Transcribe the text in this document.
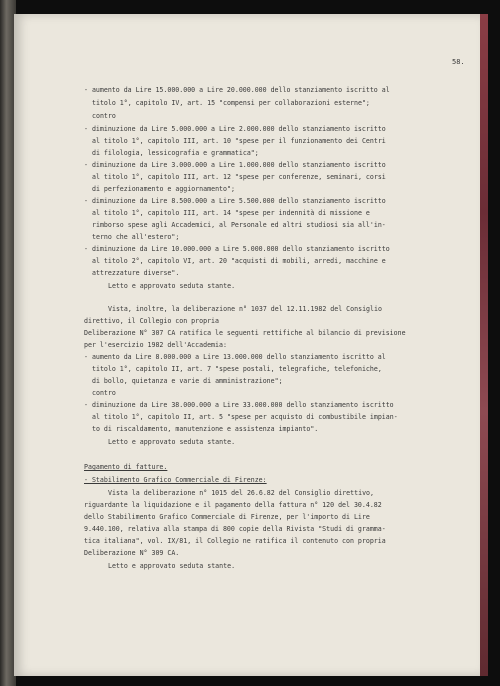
58.
- aumento da Lire 15.000.000 a Lire 20.000.000 dello stanziamento iscritto al
titolo 1°, capitolo IV, art. 15 "compensi per collaborazioni esterne";
contro
- diminuzione da Lire 5.000.000 a Lire 2.000.000 dello stanziamento iscritto
al titolo 1°, capitolo III, art. 10 "spese per il funzionamento dei Centri
di filologia, lessicografia e grammatica";
- diminuzione da Lire 3.000.000 a Lire 1.000.000 dello stanziamento iscritto
al titolo 1°, capitolo III, art. 12 "spese per conferenze, seminari, corsi
di perfezionamento e aggiornamento";
- diminuzione da Lire 8.500.000 a Lire 5.500.000 dello stanziamento iscritto
al titolo 1°, capitolo III, art. 14 "spese per indennità di missione e
rimborso spese agli Accademici, al Personale ed altri studiosi sia all'in-
terno che all'estero";
- diminuzione da Lire 10.000.000 a Lire 5.000.000 dello stanziamento iscritto
al titolo 2°, capitolo VI, art. 20 "acquisti di mobili, arredi, macchine e
attrezzature diverse".
Letto e approvato seduta stante.
Vista, inoltre, la deliberazione n° 1037 del 12.11.1982 del Consiglio
direttivo, il Collegio con propria
Deliberazione N° 307 CA ratifica le seguenti rettifiche al bilancio di previsione
per l'esercizio 1982 dell'Accademia:
- aumento da Lire 8.000.000 a Lire 13.000.000 dello stanziamento iscritto al
titolo 1°, capitolo II, art. 7 "spese postali, telegrafiche, telefoniche,
di bollo, quietanza e varie di amministrazione";
contro
- diminuzione da Lire 38.000.000 a Lire 33.000.000 dello stanziamento iscritto
al titolo 1°, capitolo II, art. 5 "spese per acquisto di combustibile impian-
to di riscaldamento, manutenzione e assistenza impianto".
Letto e approvato seduta stante.
Pagamento di fatture.
- Stabilimento Grafico Commerciale di Firenze:
Vista la deliberazione n° 1015 del 26.6.82 del Consiglio direttivo,
riguardante la liquidazione e il pagamento della fattura n° 120 del 30.4.82
dello Stabilimento Grafico Commerciale di Firenze, per l'importo di Lire
9.440.100, relativa alla stampa di 800 copie della Rivista "Studi di gramma-
tica italiana", vol. IX/81, il Collegio ne ratifica il contenuto con propria
Deliberazione N° 309 CA.
Letto e approvato seduta stante.
